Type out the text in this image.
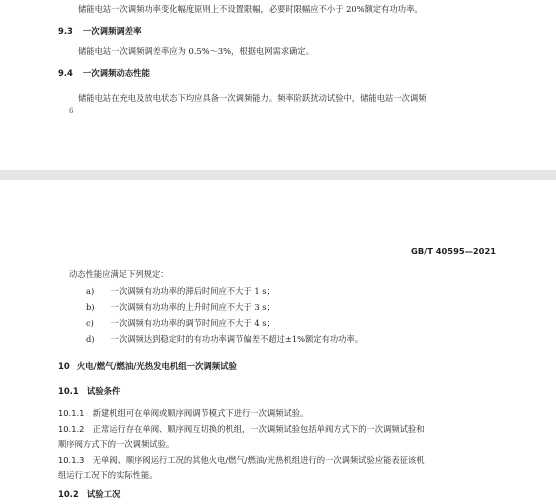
储能电站一次调频功率变化幅度原则上不设置限幅，必要时限幅应不小于 20%额定有功功率。
9.3 一次调频调差率
储能电站一次调频调差率应为 0.5%～3%，根据电网需求确定。
9.4 一次调频动态性能
储能电站在充电及放电状态下均应具备一次调频能力。频率阶跃扰动试验中，储能电站一次调频
6
GB/T 40595—2021
动态性能应满足下列规定：
a) 一次调频有功功率的滞后时间应不大于 1 s；
b) 一次调频有功功率的上升时间应不大于 3 s；
c) 一次调频有功功率的调节时间应不大于 4 s；
d) 一次调频达到稳定时的有功功率调节偏差不超过±1%额定有功功率。
10 火电/燃气/燃油/光热发电机组一次调频试验
10.1 试验条件
10.1.1 新建机组可在单阀或顺序阀调节模式下进行一次调频试验。
10.1.2 正常运行存在单阀、顺序阀互切换的机组，一次调频试验包括单阀方式下的一次调频试验和
顺序阀方式下的一次调频试验。
10.1.3 无单阀、顺序阀运行工况的其他火电/燃气/燃油/光热机组进行的一次调频试验应能表征该机
组运行工况下的实际性能。
10.2 试验工况
